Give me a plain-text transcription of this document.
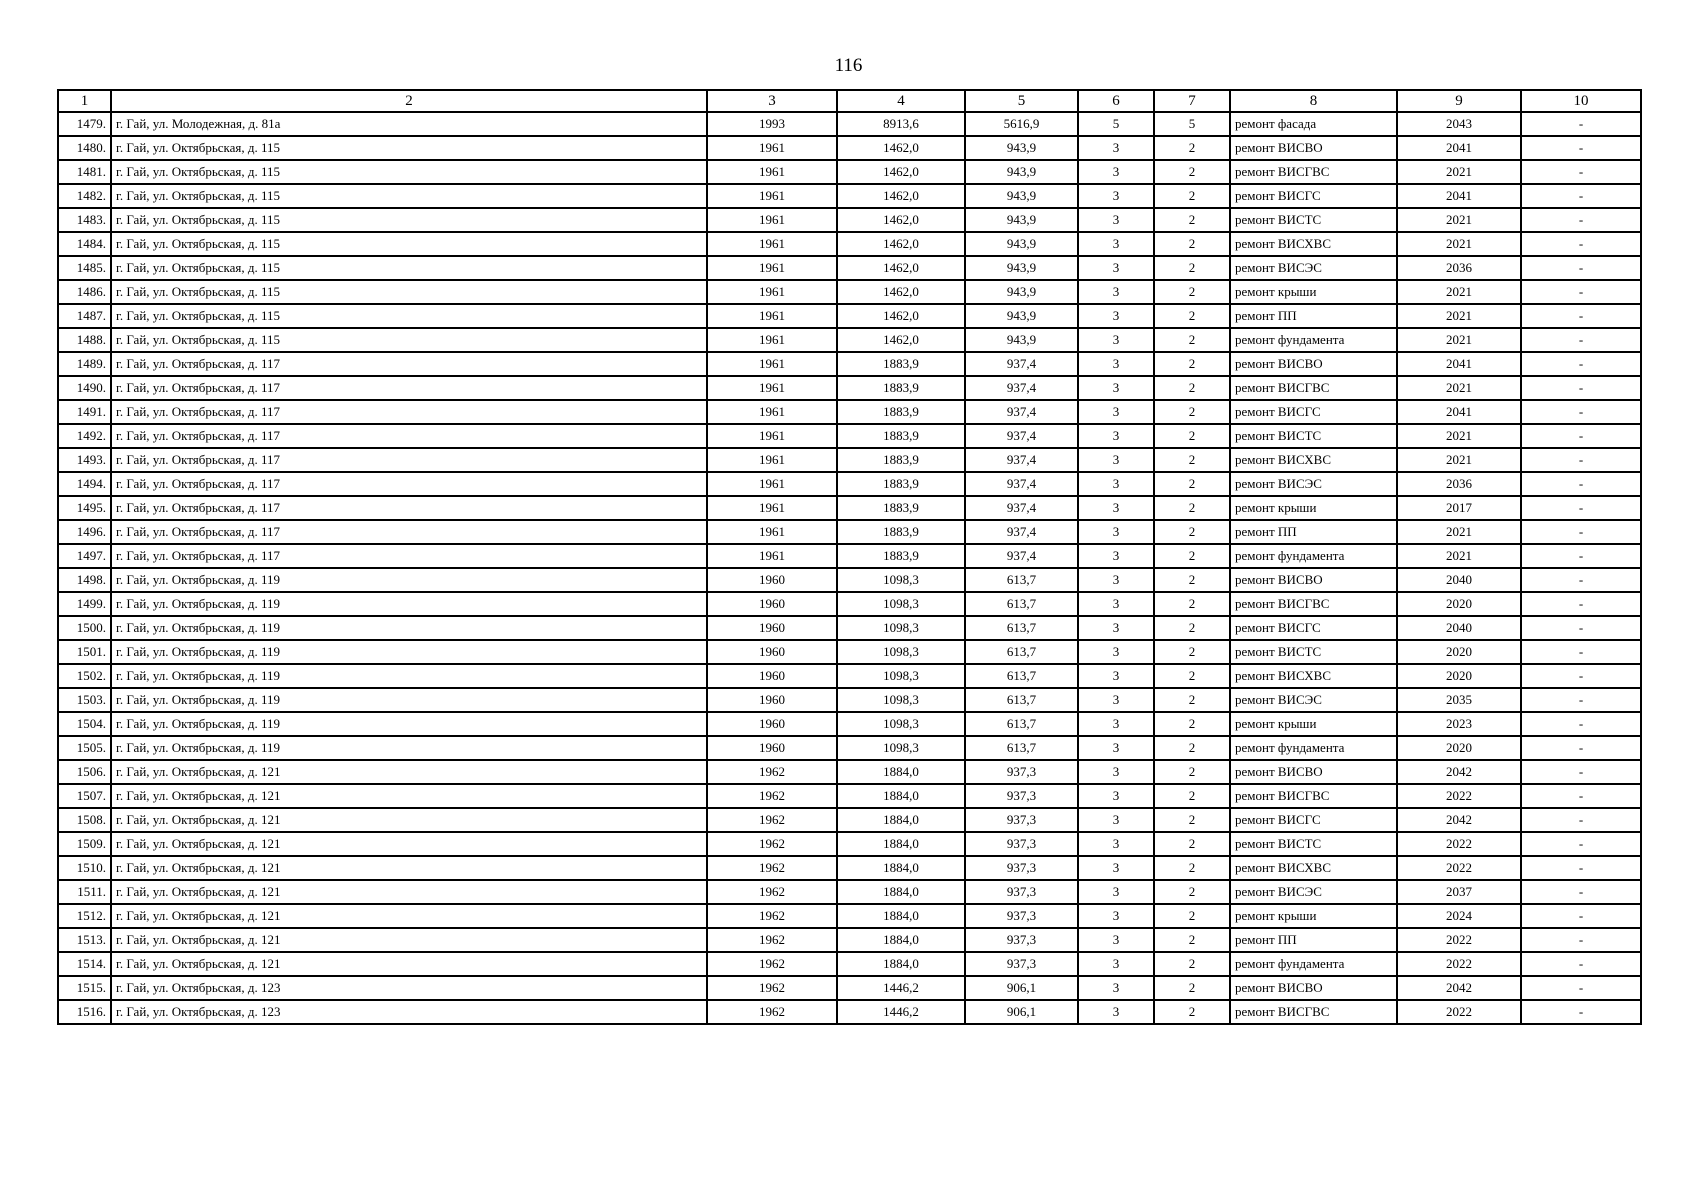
116
1	2	3	4	5	6	7	8	9	10
1479.	г. Гай, ул. Молодежная, д. 81а	1993	8913,6	5616,9	5	5	ремонт фасада	2043	-
1480.	г. Гай, ул. Октябрьская, д. 115	1961	1462,0	943,9	3	2	ремонт ВИСВО	2041	-
1481.	г. Гай, ул. Октябрьская, д. 115	1961	1462,0	943,9	3	2	ремонт ВИСГВС	2021	-
1482.	г. Гай, ул. Октябрьская, д. 115	1961	1462,0	943,9	3	2	ремонт ВИСГС	2041	-
1483.	г. Гай, ул. Октябрьская, д. 115	1961	1462,0	943,9	3	2	ремонт ВИСТС	2021	-
1484.	г. Гай, ул. Октябрьская, д. 115	1961	1462,0	943,9	3	2	ремонт ВИСХВС	2021	-
1485.	г. Гай, ул. Октябрьская, д. 115	1961	1462,0	943,9	3	2	ремонт ВИСЭС	2036	-
1486.	г. Гай, ул. Октябрьская, д. 115	1961	1462,0	943,9	3	2	ремонт крыши	2021	-
1487.	г. Гай, ул. Октябрьская, д. 115	1961	1462,0	943,9	3	2	ремонт ПП	2021	-
1488.	г. Гай, ул. Октябрьская, д. 115	1961	1462,0	943,9	3	2	ремонт фундамента	2021	-
1489.	г. Гай, ул. Октябрьская, д. 117	1961	1883,9	937,4	3	2	ремонт ВИСВО	2041	-
1490.	г. Гай, ул. Октябрьская, д. 117	1961	1883,9	937,4	3	2	ремонт ВИСГВС	2021	-
1491.	г. Гай, ул. Октябрьская, д. 117	1961	1883,9	937,4	3	2	ремонт ВИСГС	2041	-
1492.	г. Гай, ул. Октябрьская, д. 117	1961	1883,9	937,4	3	2	ремонт ВИСТС	2021	-
1493.	г. Гай, ул. Октябрьская, д. 117	1961	1883,9	937,4	3	2	ремонт ВИСХВС	2021	-
1494.	г. Гай, ул. Октябрьская, д. 117	1961	1883,9	937,4	3	2	ремонт ВИСЭС	2036	-
1495.	г. Гай, ул. Октябрьская, д. 117	1961	1883,9	937,4	3	2	ремонт крыши	2017	-
1496.	г. Гай, ул. Октябрьская, д. 117	1961	1883,9	937,4	3	2	ремонт ПП	2021	-
1497.	г. Гай, ул. Октябрьская, д. 117	1961	1883,9	937,4	3	2	ремонт фундамента	2021	-
1498.	г. Гай, ул. Октябрьская, д. 119	1960	1098,3	613,7	3	2	ремонт ВИСВО	2040	-
1499.	г. Гай, ул. Октябрьская, д. 119	1960	1098,3	613,7	3	2	ремонт ВИСГВС	2020	-
1500.	г. Гай, ул. Октябрьская, д. 119	1960	1098,3	613,7	3	2	ремонт ВИСГС	2040	-
1501.	г. Гай, ул. Октябрьская, д. 119	1960	1098,3	613,7	3	2	ремонт ВИСТС	2020	-
1502.	г. Гай, ул. Октябрьская, д. 119	1960	1098,3	613,7	3	2	ремонт ВИСХВС	2020	-
1503.	г. Гай, ул. Октябрьская, д. 119	1960	1098,3	613,7	3	2	ремонт ВИСЭС	2035	-
1504.	г. Гай, ул. Октябрьская, д. 119	1960	1098,3	613,7	3	2	ремонт крыши	2023	-
1505.	г. Гай, ул. Октябрьская, д. 119	1960	1098,3	613,7	3	2	ремонт фундамента	2020	-
1506.	г. Гай, ул. Октябрьская, д. 121	1962	1884,0	937,3	3	2	ремонт ВИСВО	2042	-
1507.	г. Гай, ул. Октябрьская, д. 121	1962	1884,0	937,3	3	2	ремонт ВИСГВС	2022	-
1508.	г. Гай, ул. Октябрьская, д. 121	1962	1884,0	937,3	3	2	ремонт ВИСГС	2042	-
1509.	г. Гай, ул. Октябрьская, д. 121	1962	1884,0	937,3	3	2	ремонт ВИСТС	2022	-
1510.	г. Гай, ул. Октябрьская, д. 121	1962	1884,0	937,3	3	2	ремонт ВИСХВС	2022	-
1511.	г. Гай, ул. Октябрьская, д. 121	1962	1884,0	937,3	3	2	ремонт ВИСЭС	2037	-
1512.	г. Гай, ул. Октябрьская, д. 121	1962	1884,0	937,3	3	2	ремонт крыши	2024	-
1513.	г. Гай, ул. Октябрьская, д. 121	1962	1884,0	937,3	3	2	ремонт ПП	2022	-
1514.	г. Гай, ул. Октябрьская, д. 121	1962	1884,0	937,3	3	2	ремонт фундамента	2022	-
1515.	г. Гай, ул. Октябрьская, д. 123	1962	1446,2	906,1	3	2	ремонт ВИСВО	2042	-
1516.	г. Гай, ул. Октябрьская, д. 123	1962	1446,2	906,1	3	2	ремонт ВИСГВС	2022	-
